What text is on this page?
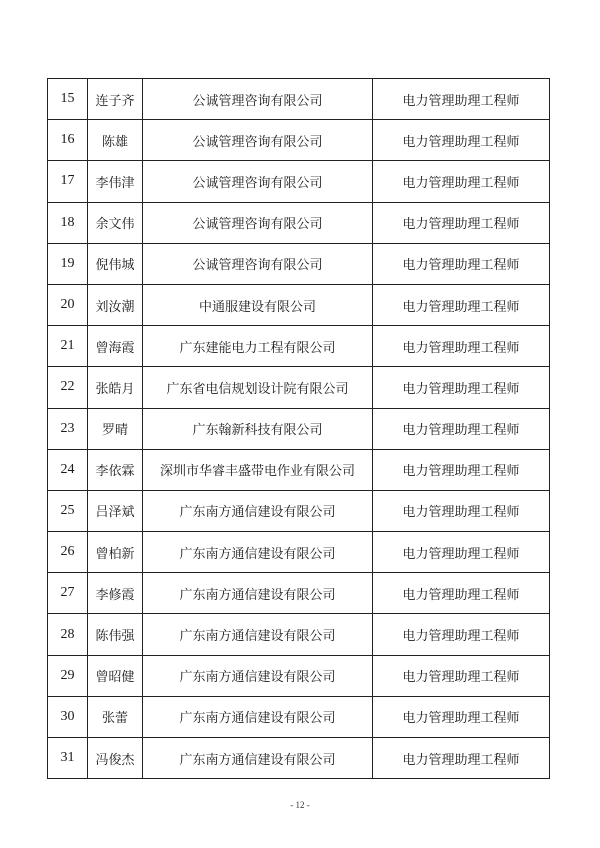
15	连子齐	公诚管理咨询有限公司	电力管理助理工程师
16	陈雄	公诚管理咨询有限公司	电力管理助理工程师
17	李伟津	公诚管理咨询有限公司	电力管理助理工程师
18	余文伟	公诚管理咨询有限公司	电力管理助理工程师
19	倪伟城	公诚管理咨询有限公司	电力管理助理工程师
20	刘汝潮	中通服建设有限公司	电力管理助理工程师
21	曾海霞	广东建能电力工程有限公司	电力管理助理工程师
22	张皓月	广东省电信规划设计院有限公司	电力管理助理工程师
23	罗晴	广东翰新科技有限公司	电力管理助理工程师
24	李依霖	深圳市华睿丰盛带电作业有限公司	电力管理助理工程师
25	吕泽斌	广东南方通信建设有限公司	电力管理助理工程师
26	曾柏新	广东南方通信建设有限公司	电力管理助理工程师
27	李修霞	广东南方通信建设有限公司	电力管理助理工程师
28	陈伟强	广东南方通信建设有限公司	电力管理助理工程师
29	曾昭健	广东南方通信建设有限公司	电力管理助理工程师
30	张蕾	广东南方通信建设有限公司	电力管理助理工程师
31	冯俊杰	广东南方通信建设有限公司	电力管理助理工程师
- 12 -
